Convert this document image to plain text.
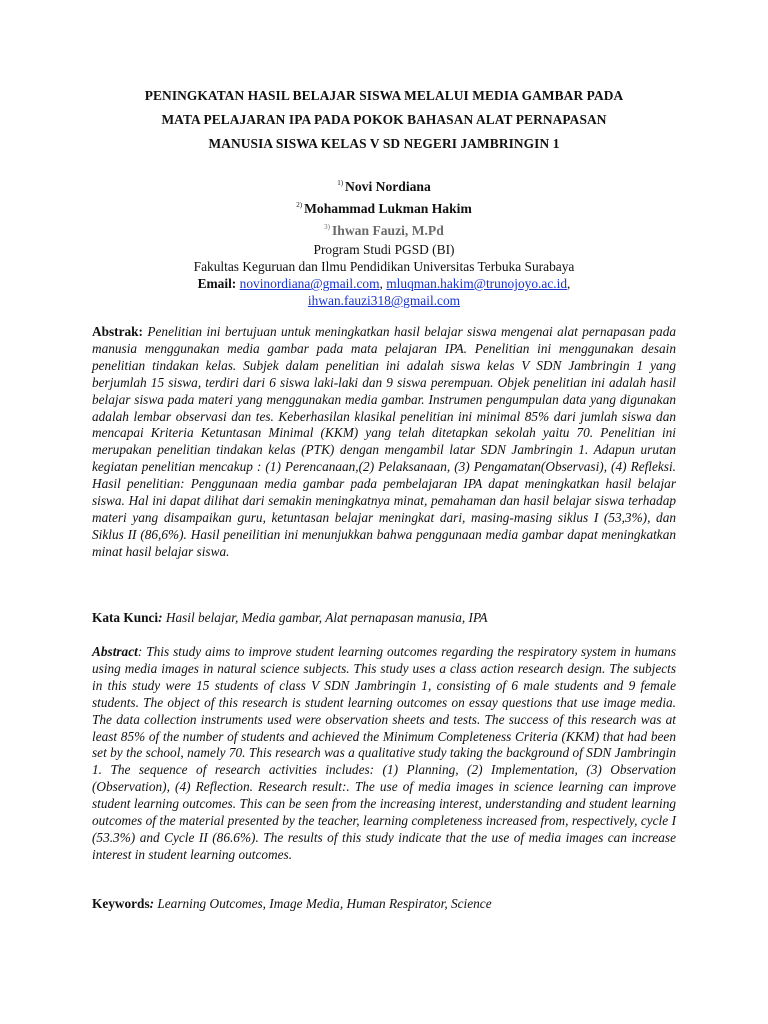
PENINGKATAN HASIL BELAJAR SISWA MELALUI MEDIA GAMBAR PADA
MATA PELAJARAN IPA PADA POKOK BAHASAN ALAT PERNAPASAN
MANUSIA SISWA KELAS V SD NEGERI JAMBRINGIN 1
$^{1)}$ Novi Nordiana
$^{2)}$ Mohammad Lukman Hakim
$^{3)}$ Ihwan Fauzi, M.Pd
Program Studi PGSD (BI)
Fakultas Keguruan dan Ilmu Pendidikan Universitas Terbuka Surabaya
Email: novinordiana@gmail.com, mluqman.hakim@trunojoyo.ac.id,
ihwan.fauzi318@gmail.com
Abstrak: Penelitian ini bertujuan untuk meningkatkan hasil belajar siswa mengenai alat pernapasan pada manusia menggunakan media gambar pada mata pelajaran IPA. Penelitian ini menggunakan desain penelitian tindakan kelas. Subjek dalam penelitian ini adalah siswa kelas V SDN Jambringin 1 yang berjumlah 15 siswa, terdiri dari 6 siswa laki-laki dan 9 siswa perempuan. Objek penelitian ini adalah hasil belajar siswa pada materi yang menggunakan media gambar. Instrumen pengumpulan data yang digunakan adalah lembar observasi dan tes. Keberhasilan klasikal penelitian ini minimal 85% dari jumlah siswa dan mencapai Kriteria Ketuntasan Minimal (KKM) yang telah ditetapkan sekolah yaitu 70. Penelitian ini merupakan penelitian tindakan kelas (PTK) dengan mengambil latar SDN Jambringin 1. Adapun urutan kegiatan penelitian mencakup : (1) Perencanaan,(2) Pelaksanaan, (3) Pengamatan(Observasi), (4) Refleksi. Hasil penelitian: Penggunaan media gambar pada pembelajaran IPA dapat meningkatkan hasil belajar siswa. Hal ini dapat dilihat dari semakin meningkatnya minat, pemahaman dan hasil belajar siswa terhadap materi yang disampaikan guru, ketuntasan belajar meningkat dari, masing-masing siklus I (53,3%), dan Siklus II (86,6%). Hasil peneilitian ini menunjukkan bahwa penggunaan media gambar dapat meningkatkan minat hasil belajar siswa.
Kata Kunci: Hasil belajar, Media gambar, Alat pernapasan manusia, IPA
Abstract: This study aims to improve student learning outcomes regarding the respiratory system in humans using media images in natural science subjects. This study uses a class action research design. The subjects in this study were 15 students of class V SDN Jambringin 1, consisting of 6 male students and 9 female students. The object of this research is student learning outcomes on essay questions that use image media. The data collection instruments used were observation sheets and tests. The success of this research was at least 85% of the number of students and achieved the Minimum Completeness Criteria (KKM) that had been set by the school, namely 70. This research was a qualitative study taking the background of SDN Jambringin 1. The sequence of research activities includes: (1) Planning, (2) Implementation, (3) Observation (Observation), (4) Reflection. Research result:. The use of media images in science learning can improve student learning outcomes. This can be seen from the increasing interest, understanding and student learning outcomes of the material presented by the teacher, learning completeness increased from, respectively, cycle I (53.3%) and Cycle II (86.6%). The results of this study indicate that the use of media images can increase interest in student learning outcomes.
Keywords: Learning Outcomes, Image Media, Human Respirator, Science
